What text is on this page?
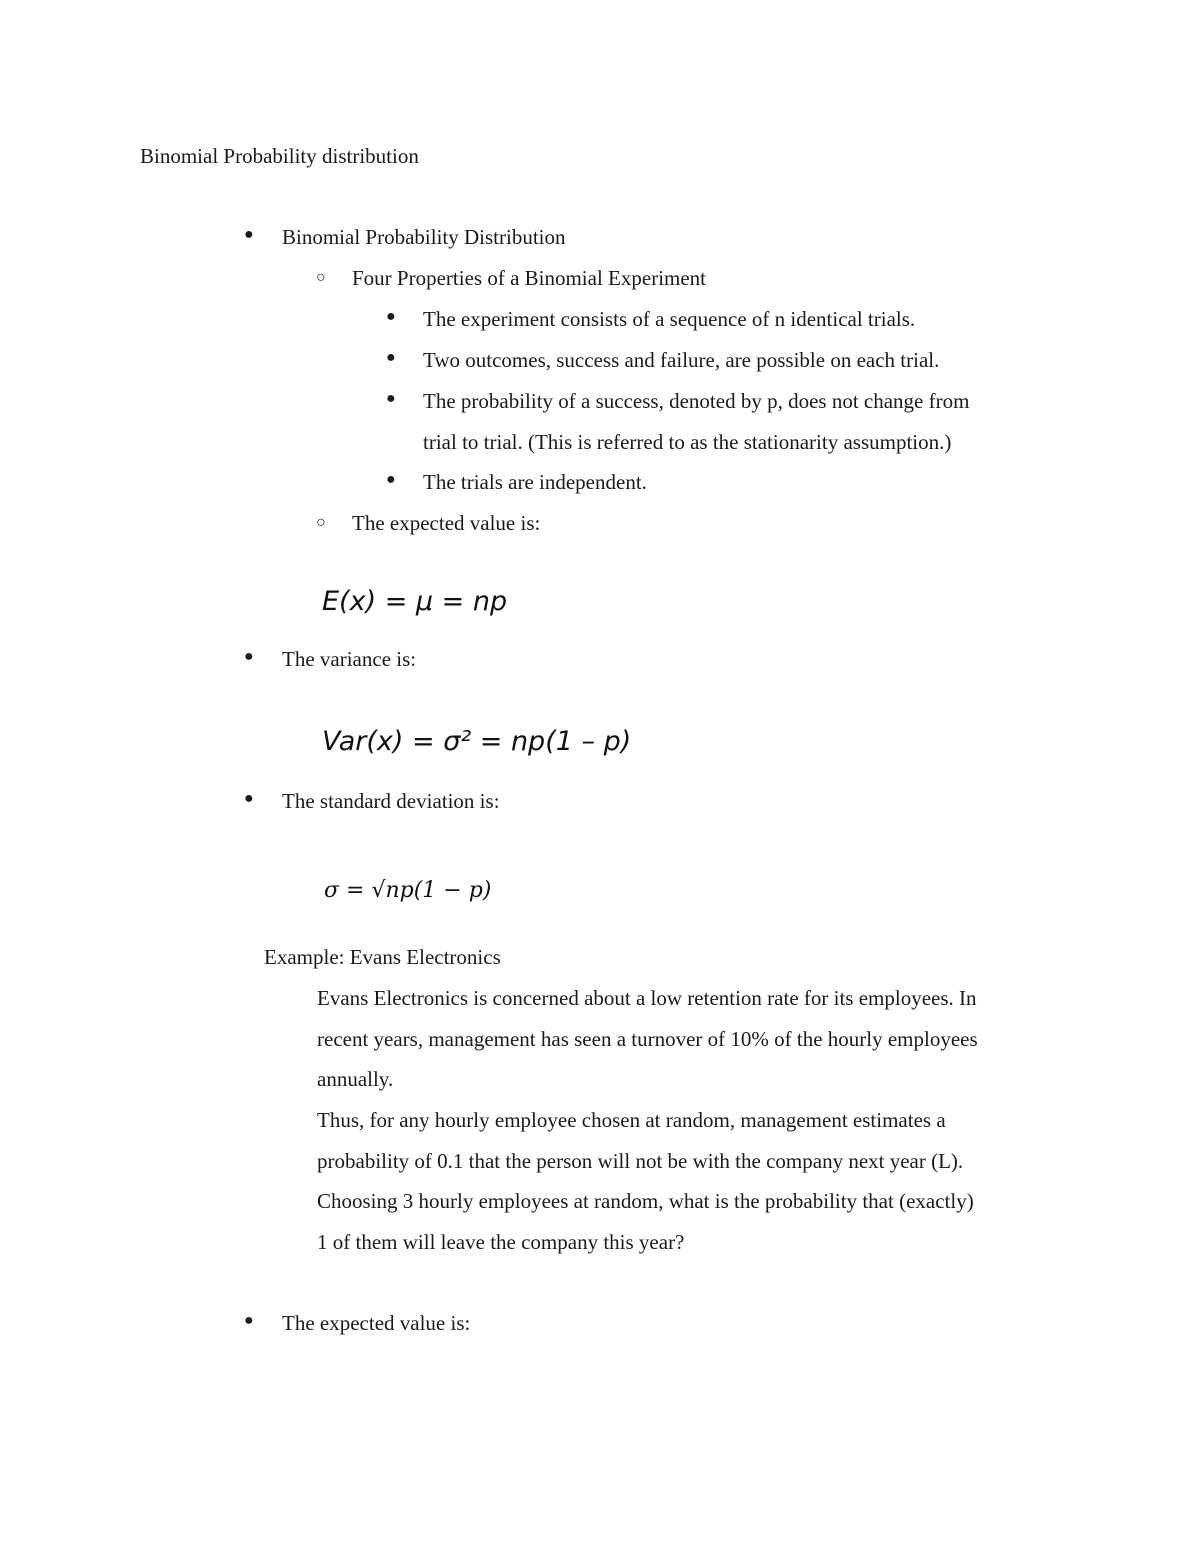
Binomial Probability distribution
● Binomial Probability Distribution
○ Four Properties of a Binomial Experiment
● The experiment consists of a sequence of n identical trials.
● Two outcomes, success and failure, are possible on each trial.
● The probability of a success, denoted by p, does not change from
trial to trial. (This is referred to as the stationarity assumption.)
● The trials are independent.
○ The expected value is:
E(x) = μ = np
● The variance is:
Var(x) = σ² = np(1 – p)
● The standard deviation is:
σ = √np(1 − p)
Example: Evans Electronics
Evans Electronics is concerned about a low retention rate for its employees. In
recent years, management has seen a turnover of 10% of the hourly employees
annually.
Thus, for any hourly employee chosen at random, management estimates a
probability of 0.1 that the person will not be with the company next year (L).
Choosing 3 hourly employees at random, what is the probability that (exactly)
1 of them will leave the company this year?
● The expected value is:
